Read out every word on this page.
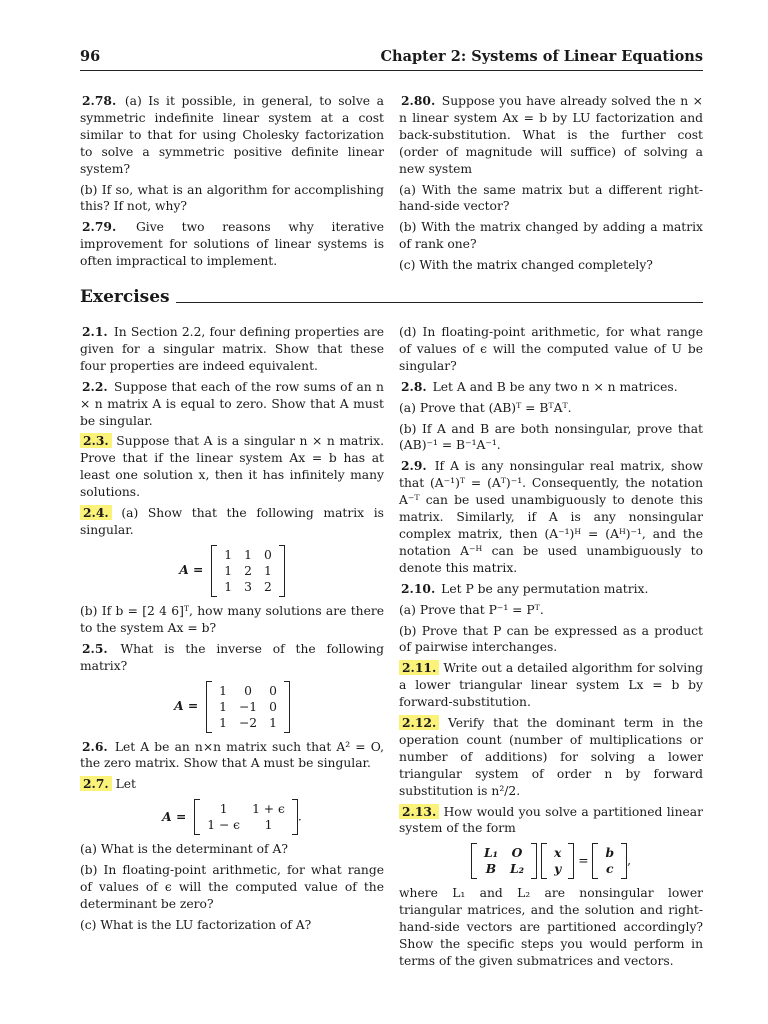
96	Chapter 2: Systems of Linear Equations

2.78. (a) Is it possible, in general, to solve a symmetric indefinite linear system at a cost similar to that for using Cholesky factorization to solve a symmetric positive definite linear system?

(b) If so, what is an algorithm for accomplishing this? If not, why?

2.79. Give two reasons why iterative improvement for solutions of linear systems is often impractical to implement.

2.80. Suppose you have already solved the n × n linear system Ax = b by LU factorization and back-substitution. What is the further cost (order of magnitude will suffice) of solving a new system

(a) With the same matrix but a different right-hand-side vector?

(b) With the matrix changed by adding a matrix of rank one?

(c) With the matrix changed completely?

Exercises

2.1. In Section 2.2, four defining properties are given for a singular matrix. Show that these four properties are indeed equivalent.

2.2. Suppose that each of the row sums of an n × n matrix A is equal to zero. Show that A must be singular.

2.3. Suppose that A is a singular n × n matrix. Prove that if the linear system Ax = b has at least one solution x, then it has infinitely many solutions.

2.4. (a) Show that the following matrix is singular.

A =
1	1	0
1	2	1
1	3	2

(b) If b = [2 4 6]ᵀ, how many solutions are there to the system Ax = b?

2.5. What is the inverse of the following matrix?

A =
1	0	0
1	−1	0
1	−2	1

2.6. Let A be an n×n matrix such that A² = O, the zero matrix. Show that A must be singular.

2.7. Let

A =	1	1 + ϵ
1 − ϵ	1
.

(a) What is the determinant of A?

(b) In floating-point arithmetic, for what range of values of ϵ will the computed value of the determinant be zero?

(c) What is the LU factorization of A?

(d) In floating-point arithmetic, for what range of values of ϵ will the computed value of U be singular?

2.8. Let A and B be any two n × n matrices.

(a) Prove that (AB)ᵀ = BᵀAᵀ.

(b) If A and B are both nonsingular, prove that (AB)⁻¹ = B⁻¹A⁻¹.

2.9. If A is any nonsingular real matrix, show that (A⁻¹)ᵀ = (Aᵀ)⁻¹. Consequently, the notation A⁻ᵀ can be used unambiguously to denote this matrix. Similarly, if A is any nonsingular complex matrix, then (A⁻¹)ᴴ = (Aᴴ)⁻¹, and the notation A⁻ᴴ can be used unambiguously to denote this matrix.

2.10. Let P be any permutation matrix.

(a) Prove that P⁻¹ = Pᵀ.

(b) Prove that P can be expressed as a product of pairwise interchanges.

2.11. Write out a detailed algorithm for solving a lower triangular linear system Lx = b by forward-substitution.

2.12. Verify that the dominant term in the operation count (number of multiplications or number of additions) for solving a lower triangular system of order n by forward substitution is n²/2.

2.13. How would you solve a partitioned linear system of the form

L₁	O
B	L₂

x
y
=
b
c
,

where L₁ and L₂ are nonsingular lower triangular matrices, and the solution and right-hand-side vectors are partitioned accordingly? Show the specific steps you would perform in terms of the given submatrices and vectors.
